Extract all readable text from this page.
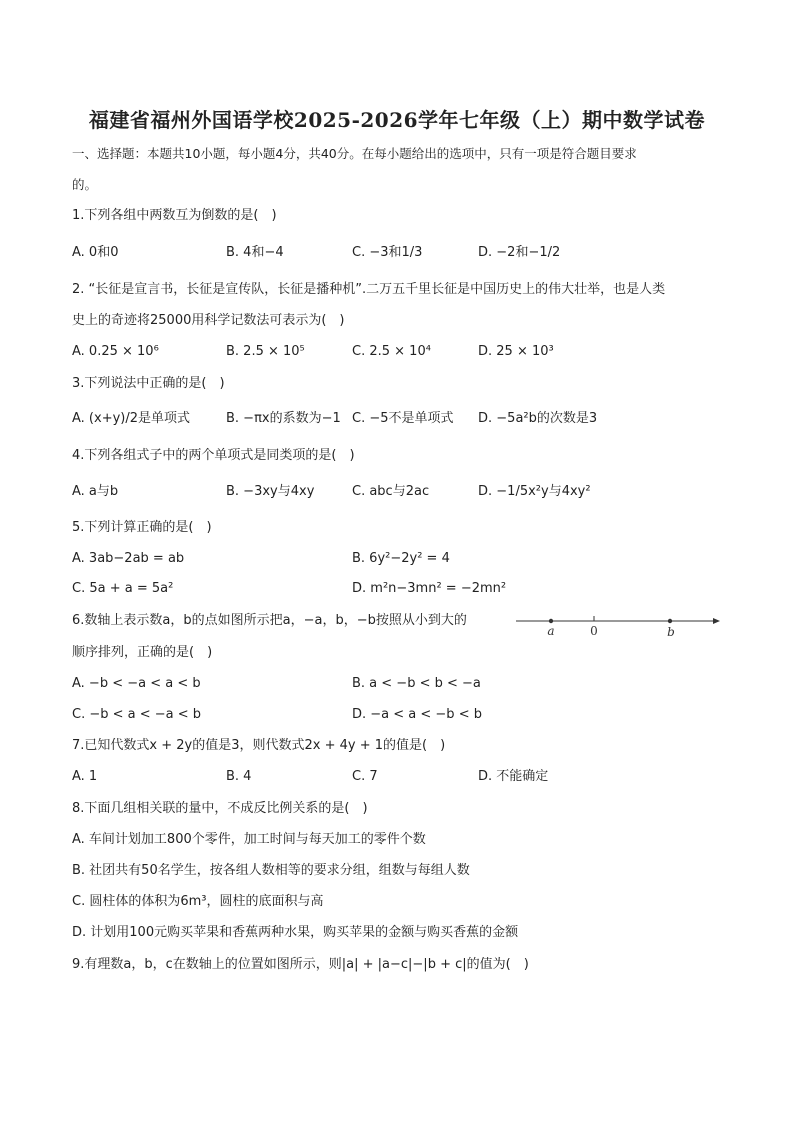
福建省福州外国语学校2025-2026学年七年级（上）期中数学试卷
一、选择题：本题共10小题，每小题4分，共40分。在每小题给出的选项中，只有一项是符合题目要求
的。
1.下列各组中两数互为倒数的是(　)
A. 0和0	B. 4和−4	C. −3和1/3	D. −2和−1/2
2. “长征是宣言书，长征是宣传队，长征是播种机”.二万五千里长征是中国历史上的伟大壮举，也是人类
史上的奇迹将25000用科学记数法可表示为(　)
A. 0.25 × 10⁶	B. 2.5 × 10⁵	C. 2.5 × 10⁴	D. 25 × 10³
3.下列说法中正确的是(　)
A. (x+y)/2是单项式	B. −πx的系数为−1 C. −5不是单项式 D. −5a²b的次数是3
4.下列各组式子中的两个单项式是同类项的是(　)
A. a与b	B. −3xy与4xy	C. abc与2ac	D. −1/5x²y与4xy²
5.下列计算正确的是(　)
A. 3ab−2ab = ab	B. 6y²−2y² = 4
C. 5a + a = 5a²	D. m²n−3mn² = −2mn²
6.数轴上表示数a，b的点如图所示把a，−a，b，−b按照从小到大的
顺序排列，正确的是(　)
a	0	b
A. −b < −a < a < b	B. a < −b < b < −a
C. −b < a < −a < b	D. −a < a < −b < b
7.已知代数式x + 2y的值是3，则代数式2x + 4y + 1的值是(　)
A. 1	B. 4	C. 7	D. 不能确定
8.下面几组相关联的量中，不成反比例关系的是(　)
A. 车间计划加工800个零件，加工时间与每天加工的零件个数
B. 社团共有50名学生，按各组人数相等的要求分组，组数与每组人数
C. 圆柱体的体积为6m³，圆柱的底面积与高
D. 计划用100元购买苹果和香蕉两种水果，购买苹果的金额与购买香蕉的金额
9.有理数a，b，c在数轴上的位置如图所示，则|a| + |a−c|−|b + c|的值为(　)
